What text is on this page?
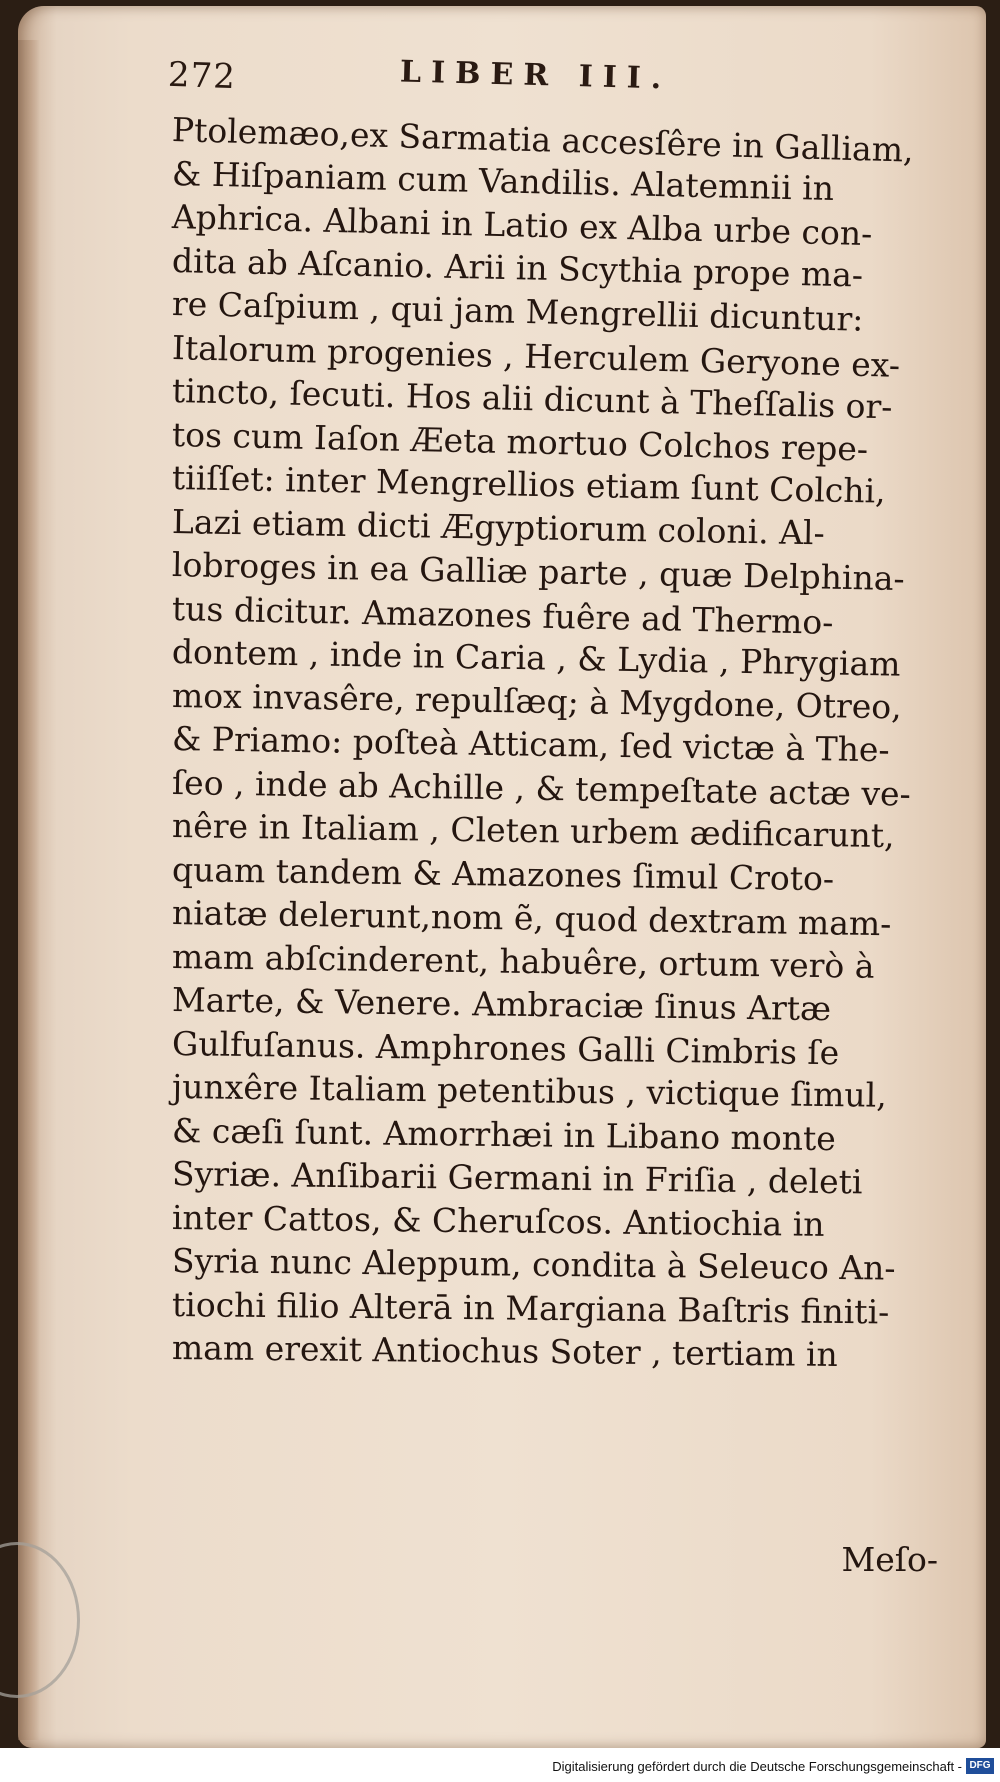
272	LIBER III.
Ptolemæo,ex Sarmatia accesſêre in Galliam,
& Hiſpaniam cum Vandilis. Alatemnii in
Aphrica. Albani in Latio ex Alba urbe con-
dita ab Aſcanio. Arii in Scythia prope ma-
re Caſpium , qui jam Mengrellii dicuntur:
Italorum progenies , Herculem Geryone ex-
tincto, ſecuti. Hos alii dicunt à Theſſalis or-
tos cum Iaſon Æeta mortuo Colchos repe-
tiiſſet: inter Mengrellios etiam ſunt Colchi,
Lazi etiam dicti Ægyptiorum coloni. Al-
lobroges in ea Galliæ parte , quæ Delphina-
tus dicitur. Amazones fuêre ad Thermo-
dontem , inde in Caria , & Lydia , Phrygiam
mox invasêre, repulſæq; à Mygdone, Otreo,
& Priamo: poſteà Atticam, ſed victæ à The-
ſeo , inde ab Achille , & tempeſtate actæ ve-
nêre in Italiam , Cleten urbem ædificarunt,
quam tandem & Amazones ſimul Croto-
niatæ delerunt,nom ẽ, quod dextram mam-
mam abſcinderent, habuêre, ortum verò à
Marte, & Venere. Ambraciæ ſinus Artæ
Gulfuſanus. Amphrones Galli Cimbris ſe
junxêre Italiam petentibus , victique ſimul,
& cæſi ſunt. Amorrhæi in Libano monte
Syriæ. Anſibarii Germani in Friſia , deleti
inter Cattos, & Cheruſcos. Antiochia in
Syria nunc Aleppum, condita à Seleuco An-
tiochi filio Alterā in Margiana Baſtris finiti-
mam erexit Antiochus Soter , tertiam in
Meſo-
Digitalisierung gefördert durch die Deutsche Forschungsgemeinschaft - DFG
